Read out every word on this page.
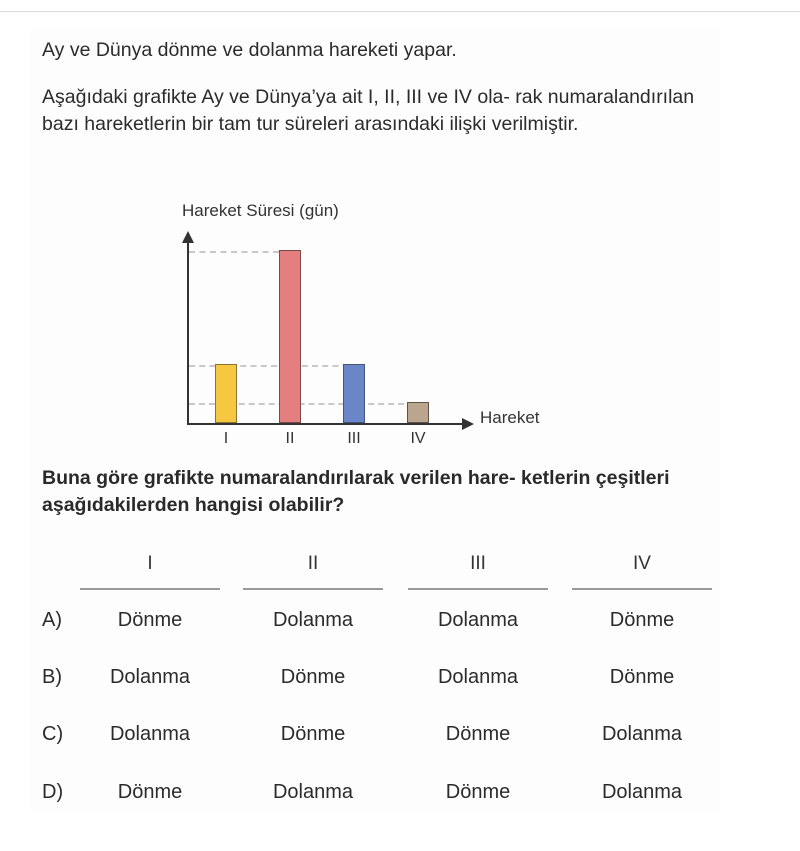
Ay ve Dünya dönme ve dolanma hareketi yapar.
Aşağıdaki grafikte Ay ve Dünya’ya ait I, II, III ve IV ola- rak numaralandırılan bazı hareketlerin bir tam tur süreleri arasındaki ilişki verilmiştir.
Hareket Süresi (gün)
Hareket
I	II	III	IV
Buna göre grafikte numaralandırılarak verilen hare- ketlerin çeşitleri aşağıdakilerden hangisi olabilir?
I	II	III	IV
A)	Dönme	Dolanma	Dolanma	Dönme
B)	Dolanma	Dönme	Dolanma	Dönme
C)	Dolanma	Dönme	Dönme	Dolanma
D)	Dönme	Dolanma	Dönme	Dolanma
